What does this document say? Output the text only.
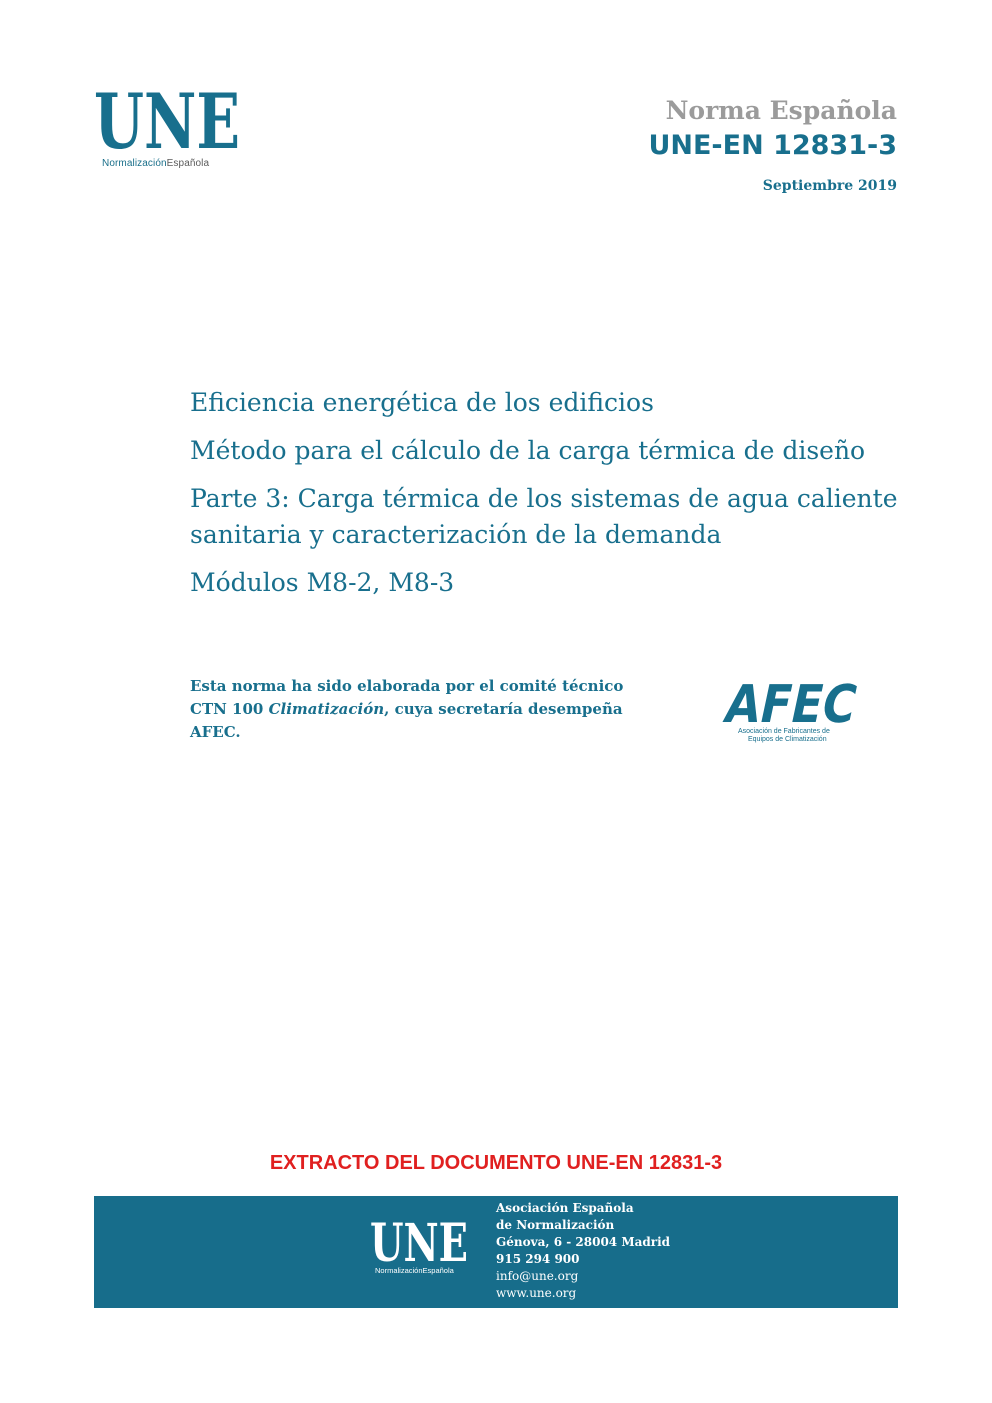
UNE
NormalizaciónEspañola
Norma Española
UNE-EN 12831-3
Septiembre 2019
Eficiencia energética de los edificios
Método para el cálculo de la carga térmica de diseño
Parte 3: Carga térmica de los sistemas de agua caliente
sanitaria y caracterización de la demanda
Módulos M8-2, M8-3
Esta norma ha sido elaborada por el comité técnico CTN 100 Climatización, cuya secretaría desempeña AFEC.	AFEC
Asociación de Fabricantes de
Equipos de Climatización
EXTRACTO DEL DOCUMENTO UNE-EN 12831-3
UNE
NormalizaciónEspañola
Asociación Española
de Normalización
Génova, 6 - 28004 Madrid
915 294 900
info@une.org
www.une.org
